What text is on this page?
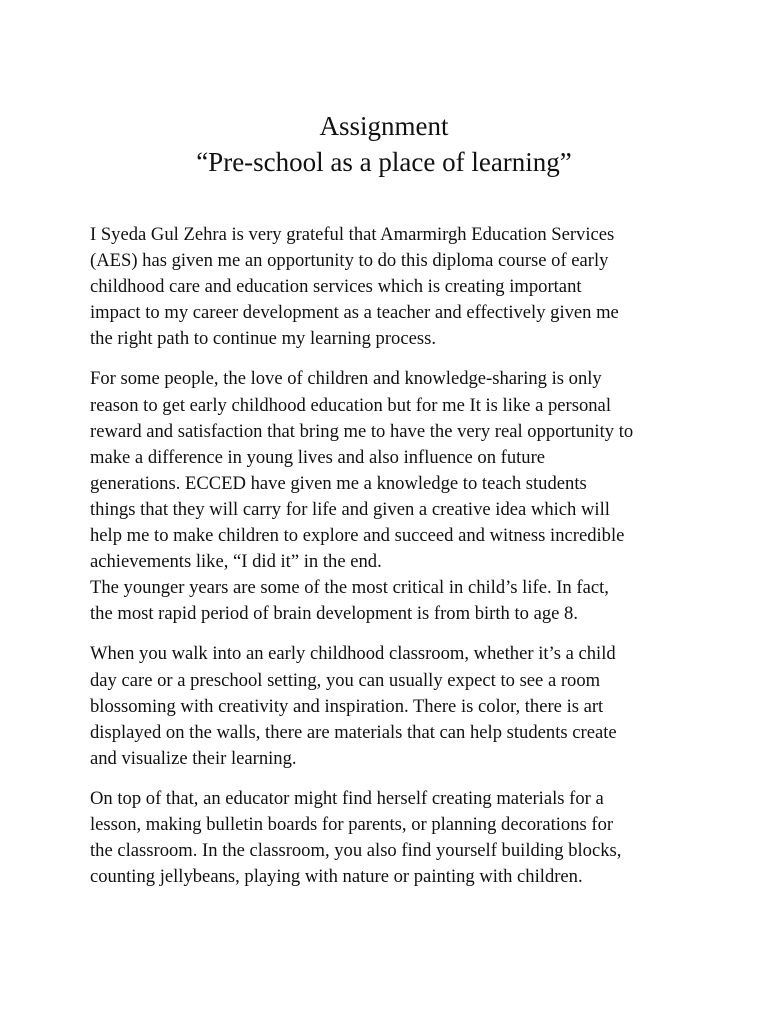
Assignment
“Pre-school as a place of learning”

I Syeda Gul Zehra is very grateful that Amarmirgh Education Services
(AES) has given me an opportunity to do this diploma course of early
childhood care and education services which is creating important
impact to my career development as a teacher and effectively given me
the right path to continue my learning process.

For some people, the love of children and knowledge-sharing is only
reason to get early childhood education but for me It is like a personal
reward and satisfaction that bring me to have the very real opportunity to
make a difference in young lives and also influence on future
generations. ECCED have given me a knowledge to teach students
things that they will carry for life and given a creative idea which will
help me to make children to explore and succeed and witness incredible
achievements like, “I did it” in the end.

The younger years are some of the most critical in child’s life. In fact,
the most rapid period of brain development is from birth to age 8.

When you walk into an early childhood classroom, whether it’s a child
day care or a preschool setting, you can usually expect to see a room
blossoming with creativity and inspiration. There is color, there is art
displayed on the walls, there are materials that can help students create
and visualize their learning.

On top of that, an educator might find herself creating materials for a
lesson, making bulletin boards for parents, or planning decorations for
the classroom. In the classroom, you also find yourself building blocks,
counting jellybeans, playing with nature or painting with children.
